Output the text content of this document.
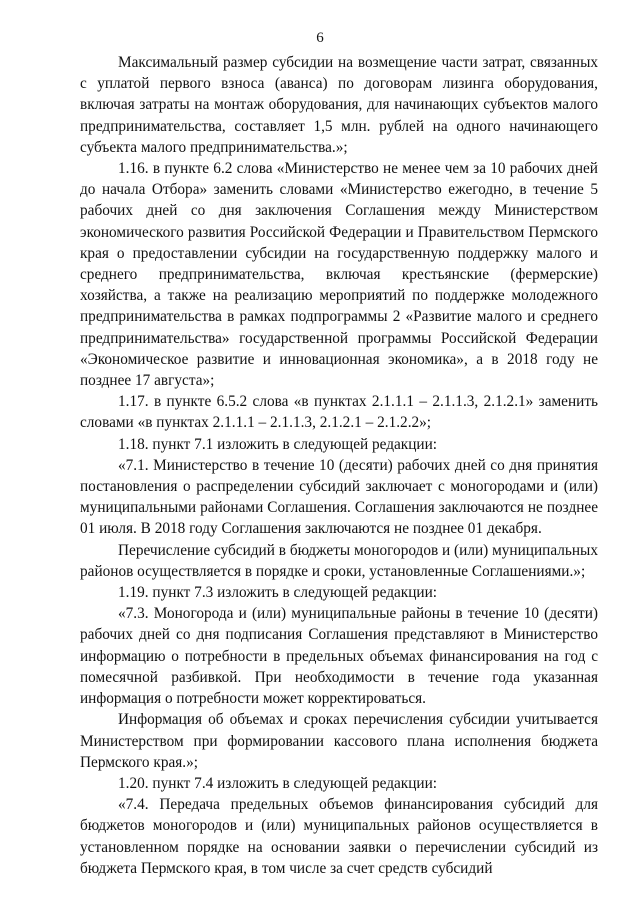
6

Максимальный размер субсидии на возмещение части затрат, связанных с уплатой первого взноса (аванса) по договорам лизинга оборудования, включая затраты на монтаж оборудования, для начинающих субъектов малого предпринимательства, составляет 1,5 млн. рублей на одного начинающего субъекта малого предпринимательства.»;

1.16. в пункте 6.2 слова «Министерство не менее чем за 10 рабочих дней до начала Отбора» заменить словами «Министерство ежегодно, в течение 5 рабочих дней со дня заключения Соглашения между Министерством экономического развития Российской Федерации и Правительством Пермского края о предоставлении субсидии на государственную поддержку малого и среднего предпринимательства, включая крестьянские (фермерские) хозяйства, а также на реализацию мероприятий по поддержке молодежного предпринимательства в рамках подпрограммы 2 «Развитие малого и среднего предпринимательства» государственной программы Российской Федерации «Экономическое развитие и инновационная экономика», а в 2018 году не позднее 17 августа»;

1.17. в пункте 6.5.2 слова «в пунктах 2.1.1.1 – 2.1.1.3, 2.1.2.1» заменить словами «в пунктах 2.1.1.1 – 2.1.1.3, 2.1.2.1 – 2.1.2.2»;

1.18. пункт 7.1 изложить в следующей редакции:

«7.1. Министерство в течение 10 (десяти) рабочих дней со дня принятия постановления о распределении субсидий заключает с моногородами и (или) муниципальными районами Соглашения. Соглашения заключаются не позднее 01 июля. В 2018 году Соглашения заключаются не позднее 01 декабря.

Перечисление субсидий в бюджеты моногородов и (или) муниципальных районов осуществляется в порядке и сроки, установленные Соглашениями.»;

1.19. пункт 7.3 изложить в следующей редакции:

«7.3. Моногорода и (или) муниципальные районы в течение 10 (десяти) рабочих дней со дня подписания Соглашения представляют в Министерство информацию о потребности в предельных объемах финансирования на год с помесячной разбивкой. При необходимости в течение года указанная информация о потребности может корректироваться.

Информация об объемах и сроках перечисления субсидии учитывается Министерством при формировании кассового плана исполнения бюджета Пермского края.»;

1.20. пункт 7.4 изложить в следующей редакции:

«7.4. Передача предельных объемов финансирования субсидий для бюджетов моногородов и (или) муниципальных районов осуществляется в установленном порядке на основании заявки о перечислении субсидий из бюджета Пермского края, в том числе за счет средств субсидий
